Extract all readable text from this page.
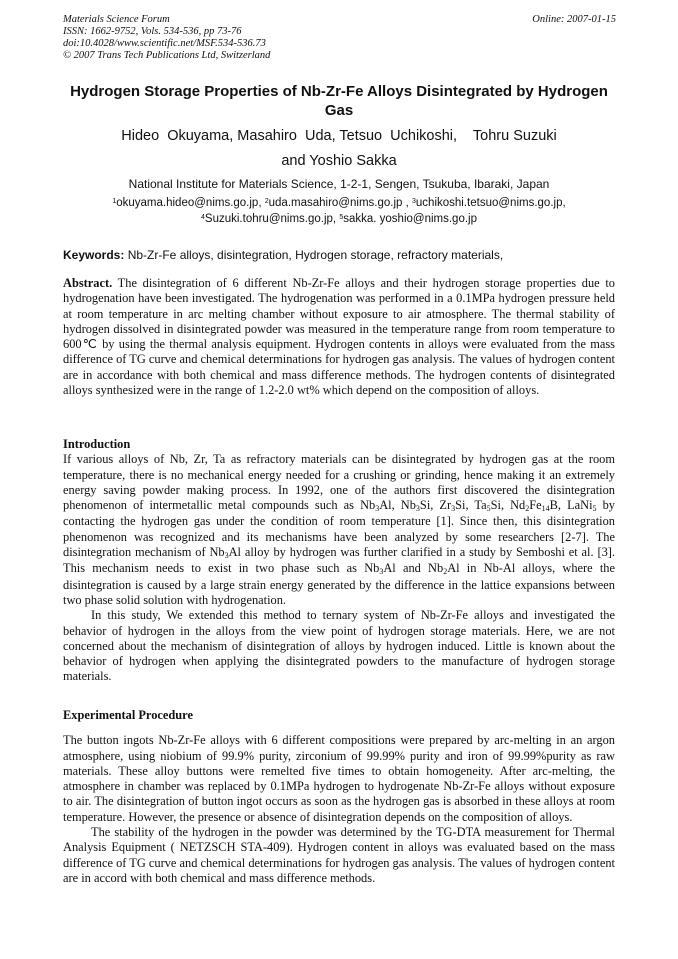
Materials Science Forum
ISSN: 1662-9752, Vols. 534-536, pp 73-76
doi:10.4028/www.scientific.net/MSF.534-536.73
© 2007 Trans Tech Publications Ltd, Switzerland
Online: 2007-01-15
Hydrogen Storage Properties of Nb-Zr-Fe Alloys Disintegrated by Hydrogen Gas
Hideo  Okuyama, Masahiro  Uda, Tetsuo  Uchikoshi,    Tohru Suzuki
and Yoshio Sakka
National Institute for Materials Science, 1-2-1, Sengen, Tsukuba, Ibaraki, Japan
$^1$okuyama.hideo@nims.go.jp, $^2$uda.masahiro@nims.go.jp , $^3$uchikoshi.tetsuo@nims.go.jp,
$^4$Suzuki.tohru@nims.go.jp, $^5$sakka. yoshio@nims.go.jp
Keywords: Nb-Zr-Fe alloys, disintegration, Hydrogen storage, refractory materials,

Abstract. The disintegration of 6 different Nb-Zr-Fe alloys and their hydrogen storage properties due to hydrogenation have been investigated. The hydrogenation was performed in a 0.1MPa hydrogen pressure held at room temperature in arc melting chamber without exposure to air atmosphere. The thermal stability of hydrogen dissolved in disintegrated powder was measured in the temperature range from room temperature to 600℃ by using the thermal analysis equipment. Hydrogen contents in alloys were evaluated from the mass difference of TG curve and chemical determinations for hydrogen gas analysis. The values of hydrogen content are in accordance with both chemical and mass difference methods. The hydrogen contents of disintegrated alloys synthesized were in the range of 1.2-2.0 wt% which depend on the composition of alloys.

Introduction

If various alloys of Nb, Zr, Ta as refractory materials can be disintegrated by hydrogen gas at the room temperature, there is no mechanical energy needed for a crushing or grinding, hence making it an extremely energy saving powder making process. In 1992, one of the authors first discovered the disintegration phenomenon of intermetallic metal compounds such as $Nb_3Al$, $Nb_3Si$, $Zr_3Si$, $Ta_5Si$, $Nd_2Fe_{14}B$, LaNi$_5$ by contacting the hydrogen gas under the condition of room temperature [1]. Since then, this disintegration phenomenon was recognized and its mechanisms have been analyzed by some researchers [2-7]. The disintegration mechanism of $Nb_3Al$ alloy by hydrogen was further clarified in a study by Semboshi et al. [3]. This mechanism needs to exist in two phase such as $Nb_3Al$ and $Nb_2Al$ in Nb-Al alloys, where the disintegration is caused by a large strain energy generated by the difference in the lattice expansions between two phase solid solution with hydrogenation.

In this study, We extended this method to ternary system of Nb-Zr-Fe alloys and investigated the behavior of hydrogen in the alloys from the view point of hydrogen storage materials. Here, we are not concerned about the mechanism of disintegration of alloys by hydrogen induced. Little is known about the behavior of hydrogen when applying the disintegrated powders to the manufacture of hydrogen storage materials.

Experimental Procedure

The button ingots Nb-Zr-Fe alloys with 6 different compositions were prepared by arc-melting in an argon atmosphere, using niobium of 99.9% purity, zirconium of 99.99% purity and iron of 99.99%purity as raw materials. These alloy buttons were remelted five times to obtain homogeneity. After arc-melting, the atmosphere in chamber was replaced by 0.1MPa hydrogen to hydrogenate Nb-Zr-Fe alloys without exposure to air. The disintegration of button ingot occurs as soon as the hydrogen gas is absorbed in these alloys at room temperature. However, the presence or absence of disintegration depends on the composition of alloys.

The stability of the hydrogen in the powder was determined by the TG-DTA measurement for Thermal Analysis Equipment ( NETZSCH STA-409). Hydrogen content in alloys was evaluated based on the mass difference of TG curve and chemical determinations for hydrogen gas analysis. The values of hydrogen content are in accord with both chemical and mass difference methods.
